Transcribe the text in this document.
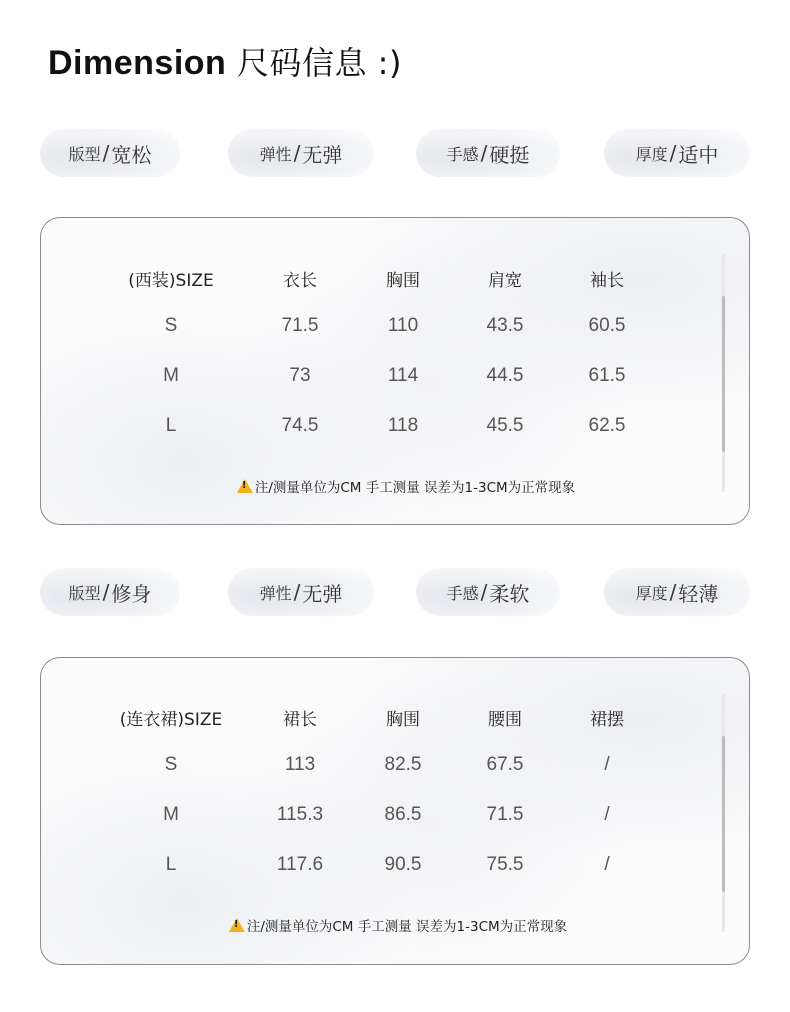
Dimension 尺码信息 :)
版型 / 宽松	弹性 / 无弹	手感 / 硬挺	厚度 / 适中
(西装)SIZE	衣长	胸围	肩宽	袖长
S	71.5	110	43.5	60.5
M	73	114	44.5	61.5
L	74.5	118	45.5	62.5
!注/测量单位为CM 手工测量 误差为1-3CM为正常现象
版型 / 修身	弹性 / 无弹	手感 / 柔软	厚度 / 轻薄
(连衣裙)SIZE	裙长	胸围	腰围	裙摆
S	113	82.5	67.5	/
M	115.3	86.5	71.5	/
L	117.6	90.5	75.5	/
!注/测量单位为CM 手工测量 误差为1-3CM为正常现象
